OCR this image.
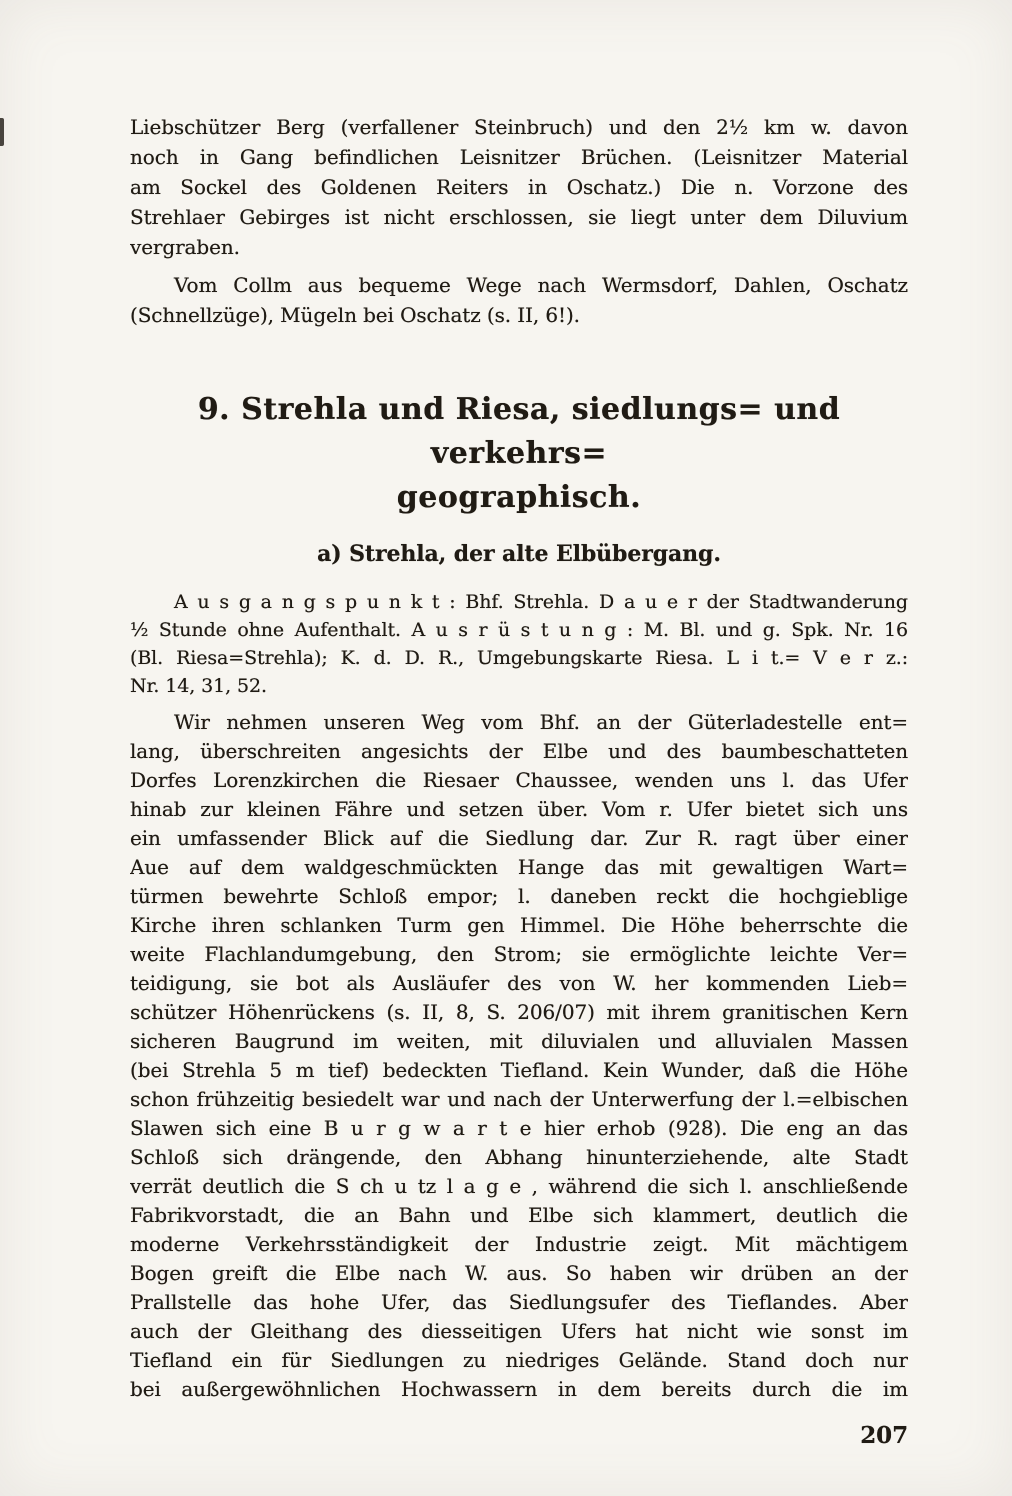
Liebschützer Berg (verfallener Steinbruch) und den 2½ km w. davon
noch in Gang befindlichen Leisnitzer Brüchen. (Leisnitzer Material
am Sockel des Goldenen Reiters in Oschatz.) Die n. Vorzone des
Strehlaer Gebirges ist nicht erschlossen, sie liegt unter dem Diluvium
vergraben.
Vom Collm aus bequeme Wege nach Wermsdorf, Dahlen, Oschatz
(Schnellzüge), Mügeln bei Oschatz (s. II, 6!).
9. Strehla und Riesa, siedlungs= und verkehrs=
geographisch.
a) Strehla, der alte Elbübergang.
A u s g a n g s p u n k t : Bhf. Strehla. D a u e r der Stadtwanderung
½ Stunde ohne Aufenthalt. A u s r ü s t u n g : M. Bl. und g. Spk. Nr. 16
(Bl. Riesa=Strehla); K. d. D. R., Umgebungskarte Riesa. L i t.= V e r z.:
Nr. 14, 31, 52.
Wir nehmen unseren Weg vom Bhf. an der Güterladestelle ent=
lang, überschreiten angesichts der Elbe und des baumbeschatteten
Dorfes Lorenzkirchen die Riesaer Chaussee, wenden uns l. das Ufer
hinab zur kleinen Fähre und setzen über. Vom r. Ufer bietet sich uns
ein umfassender Blick auf die Siedlung dar. Zur R. ragt über einer
Aue auf dem waldgeschmückten Hange das mit gewaltigen Wart=
türmen bewehrte Schloß empor; l. daneben reckt die hochgieblige
Kirche ihren schlanken Turm gen Himmel. Die Höhe beherrschte die
weite Flachlandumgebung, den Strom; sie ermöglichte leichte Ver=
teidigung, sie bot als Ausläufer des von W. her kommenden Lieb=
schützer Höhenrückens (s. II, 8, S. 206/07) mit ihrem granitischen Kern
sicheren Baugrund im weiten, mit diluvialen und alluvialen Massen
(bei Strehla 5 m tief) bedeckten Tiefland. Kein Wunder, daß die Höhe
schon frühzeitig besiedelt war und nach der Unterwerfung der l.=elbischen
Slawen sich eine B u r g w a r t e hier erhob (928). Die eng an das
Schloß sich drängende, den Abhang hinunterziehende, alte Stadt
verrät deutlich die S ch u tz l a g e , während die sich l. anschließende
Fabrikvorstadt, die an Bahn und Elbe sich klammert, deutlich die
moderne Verkehrsständigkeit der Industrie zeigt. Mit mächtigem
Bogen greift die Elbe nach W. aus. So haben wir drüben an der
Prallstelle das hohe Ufer, das Siedlungsufer des Tieflandes. Aber
auch der Gleithang des diesseitigen Ufers hat nicht wie sonst im
Tiefland ein für Siedlungen zu niedriges Gelände. Stand doch nur
bei außergewöhnlichen Hochwassern in dem bereits durch die im
207
